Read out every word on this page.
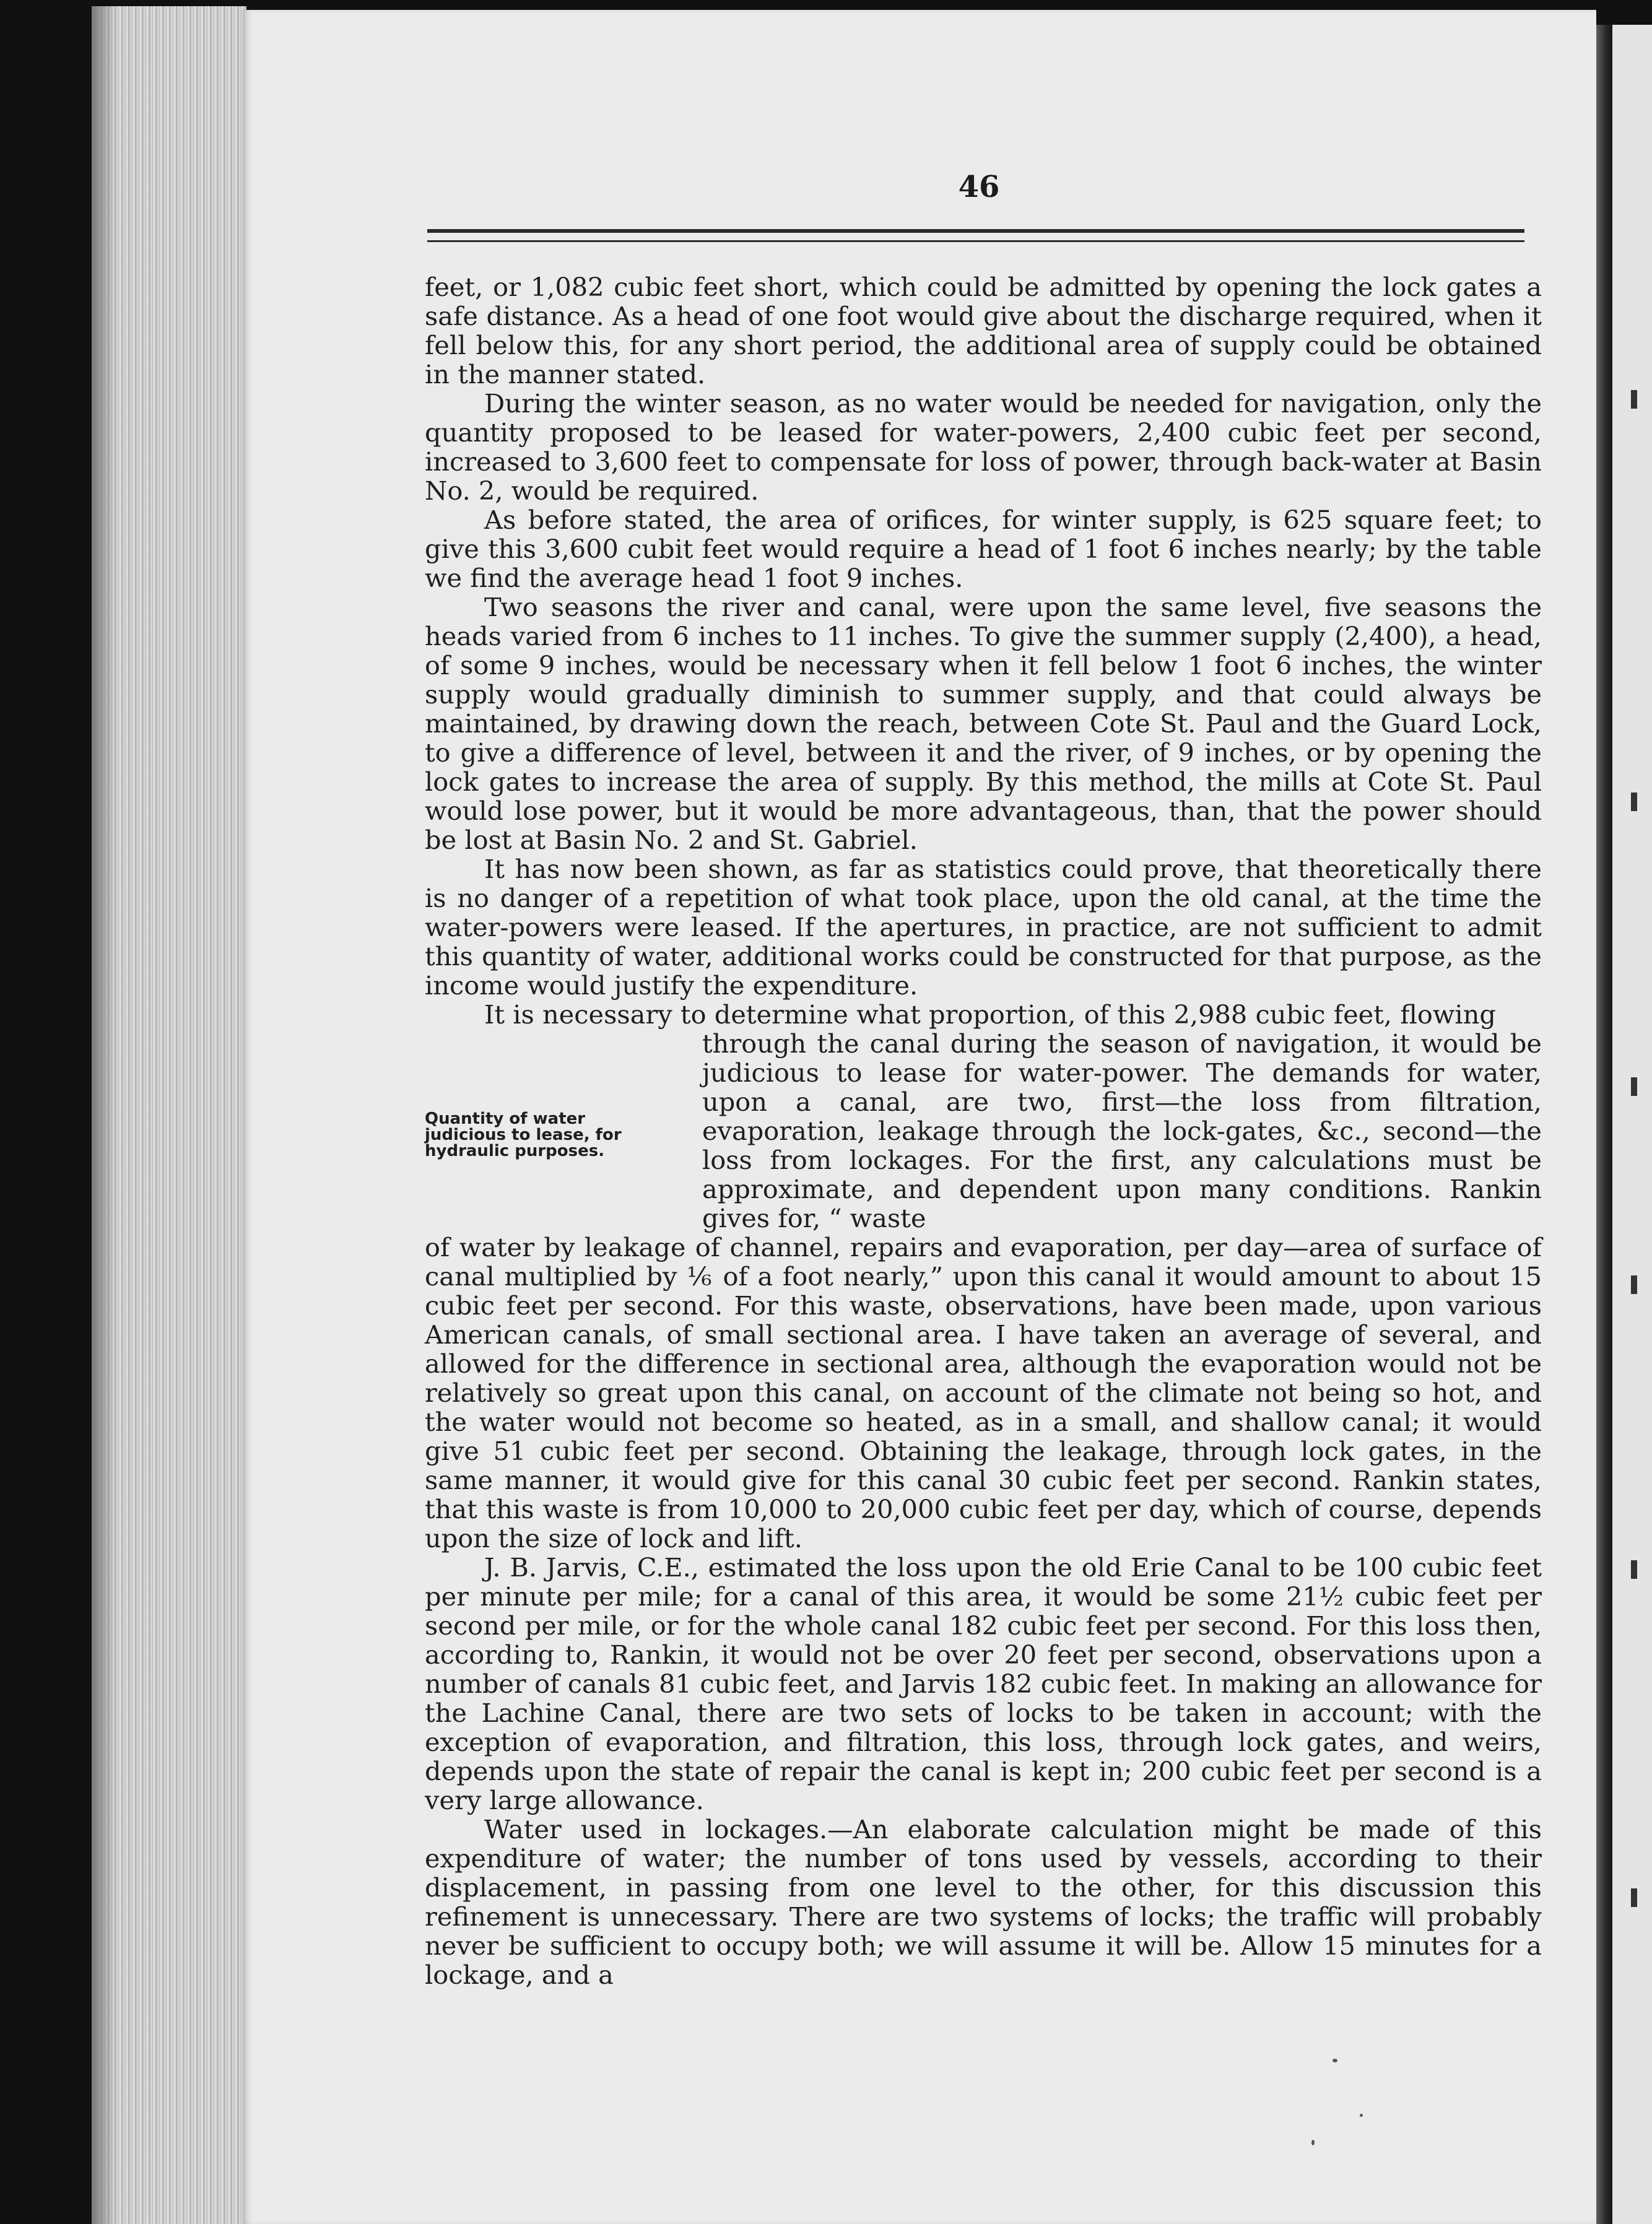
46
Quantity of water judicious to lease, for hydraulic purposes.

feet, or 1,082 cubic feet short, which could be admitted by opening the lock gates a safe distance. As a head of one foot would give about the discharge required, when it fell below this, for any short period, the additional area of supply could be obtained in the manner stated.

During the winter season, as no water would be needed for navigation, only the quantity proposed to be leased for water-powers, 2,400 cubic feet per second, increased to 3,600 feet to compensate for loss of power, through back-water at Basin No. 2, would be required.

As before stated, the area of orifices, for winter supply, is 625 square feet; to give this 3,600 cubit feet would require a head of 1 foot 6 inches nearly; by the table we find the average head 1 foot 9 inches.

Two seasons the river and canal, were upon the same level, five seasons the heads varied from 6 inches to 11 inches. To give the summer supply (2,400), a head, of some 9 inches, would be necessary when it fell below 1 foot 6 inches, the winter supply would gradually diminish to summer supply, and that could always be maintained, by drawing down the reach, between Cote St. Paul and the Guard Lock, to give a difference of level, between it and the river, of 9 inches, or by opening the lock gates to increase the area of supply. By this method, the mills at Cote St. Paul would lose power, but it would be more advantageous, than, that the power should be lost at Basin No. 2 and St. Gabriel.

It has now been shown, as far as statistics could prove, that theoretically there is no danger of a repetition of what took place, upon the old canal, at the time the water-powers were leased. If the apertures, in practice, are not sufficient to admit this quantity of water, additional works could be constructed for that purpose, as the income would justify the expenditure.

It is necessary to determine what proportion, of this 2,988 cubic feet, flowing

through the canal during the season of navigation, it would be judicious to lease for water-power. The demands for water, upon a canal, are two, first—the loss from filtration, evaporation, leakage through the lock-gates, &c., second—the loss from lockages. For the first, any calculations must be approximate, and dependent upon many conditions. Rankin gives for, “ waste

of water by leakage of channel, repairs and evaporation, per day—area of surface of canal multiplied by ⅙ of a foot nearly,” upon this canal it would amount to about 15 cubic feet per second. For this waste, observations, have been made, upon various American canals, of small sectional area. I have taken an average of several, and allowed for the difference in sectional area, although the evaporation would not be relatively so great upon this canal, on account of the climate not being so hot, and the water would not become so heated, as in a small, and shallow canal; it would give 51 cubic feet per second. Obtaining the leakage, through lock gates, in the same manner, it would give for this canal 30 cubic feet per second. Rankin states, that this waste is from 10,000 to 20,000 cubic feet per day, which of course, depends upon the size of lock and lift.

J. B. Jarvis, C.E., estimated the loss upon the old Erie Canal to be 100 cubic feet per minute per mile; for a canal of this area, it would be some 21½ cubic feet per second per mile, or for the whole canal 182 cubic feet per second. For this loss then, according to, Rankin, it would not be over 20 feet per second, observations upon a number of canals 81 cubic feet, and Jarvis 182 cubic feet. In making an allowance for the Lachine Canal, there are two sets of locks to be taken in account; with the exception of evaporation, and filtration, this loss, through lock gates, and weirs, depends upon the state of repair the canal is kept in; 200 cubic feet per second is a very large allowance.

Water used in lockages.—An elaborate calculation might be made of this expenditure of water; the number of tons used by vessels, according to their displacement, in passing from one level to the other, for this discussion this refinement is unnecessary. There are two systems of locks; the traffic will probably never be sufficient to occupy both; we will assume it will be. Allow 15 minutes for a lockage, and a
